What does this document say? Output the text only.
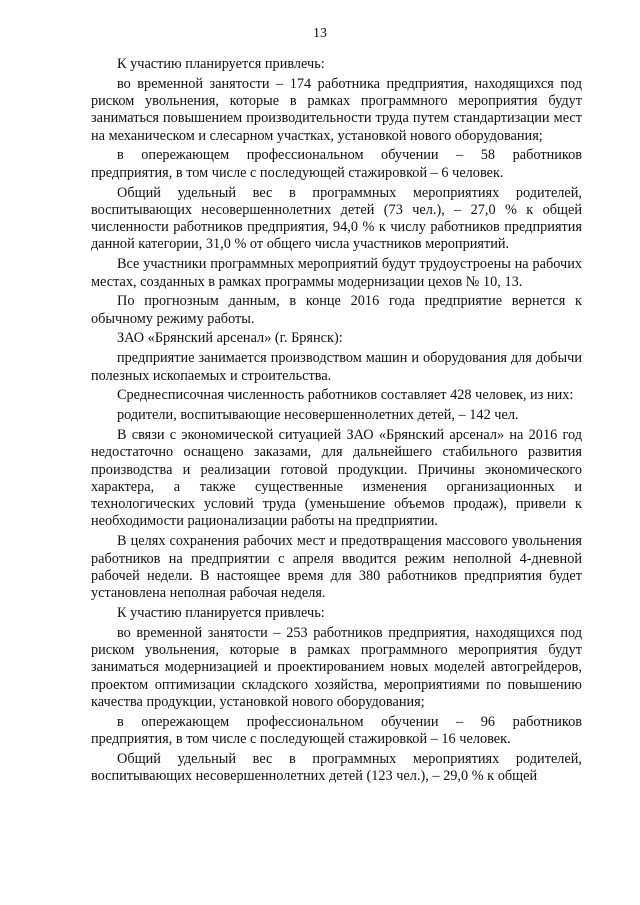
13

К участию планируется привлечь:

во временной занятости – 174 работника предприятия, находящихся под риском увольнения, которые в рамках программного мероприятия будут заниматься повышением производительности труда путем стандартизации мест на механическом и слесарном участках, установкой нового оборудования;

в опережающем профессиональном обучении – 58 работников предприятия, в том числе с последующей стажировкой – 6 человек.

Общий удельный вес в программных мероприятиях родителей, воспитывающих несовершеннолетних детей (73 чел.), – 27,0 % к общей численности работников предприятия, 94,0 % к числу работников предприятия данной категории, 31,0 % от общего числа участников мероприятий.

Все участники программных мероприятий будут трудоустроены на рабочих местах, созданных в рамках программы модернизации цехов № 10, 13.

По прогнозным данным, в конце 2016 года предприятие вернется к обычному режиму работы.

ЗАО «Брянский арсенал» (г. Брянск):

предприятие занимается производством машин и оборудования для добычи полезных ископаемых и строительства.

Среднесписочная численность работников составляет 428 человек, из них:

родители, воспитывающие несовершеннолетних детей, – 142 чел.

В связи с экономической ситуацией ЗАО «Брянский арсенал» на 2016 год недостаточно оснащено заказами, для дальнейшего стабильного развития производства и реализации готовой продукции. Причины экономического характера, а также существенные изменения организационных и технологических условий труда (уменьшение объемов продаж), привели к необходимости рационализации работы на предприятии.

В целях сохранения рабочих мест и предотвращения массового увольнения работников на предприятии с апреля вводится режим неполной 4-дневной рабочей недели. В настоящее время для 380 работников предприятия будет установлена неполная рабочая неделя.

К участию планируется привлечь:

во временной занятости – 253 работников предприятия, находящихся под риском увольнения, которые в рамках программного мероприятия будут заниматься модернизацией и проектированием новых моделей автогрейдеров, проектом оптимизации складского хозяйства, мероприятиями по повышению качества продукции, установкой нового оборудования;

в опережающем профессиональном обучении – 96 работников предприятия, в том числе с последующей стажировкой – 16 человек.

Общий удельный вес в программных мероприятиях родителей, воспитывающих несовершеннолетних детей (123 чел.), – 29,0 % к общей
